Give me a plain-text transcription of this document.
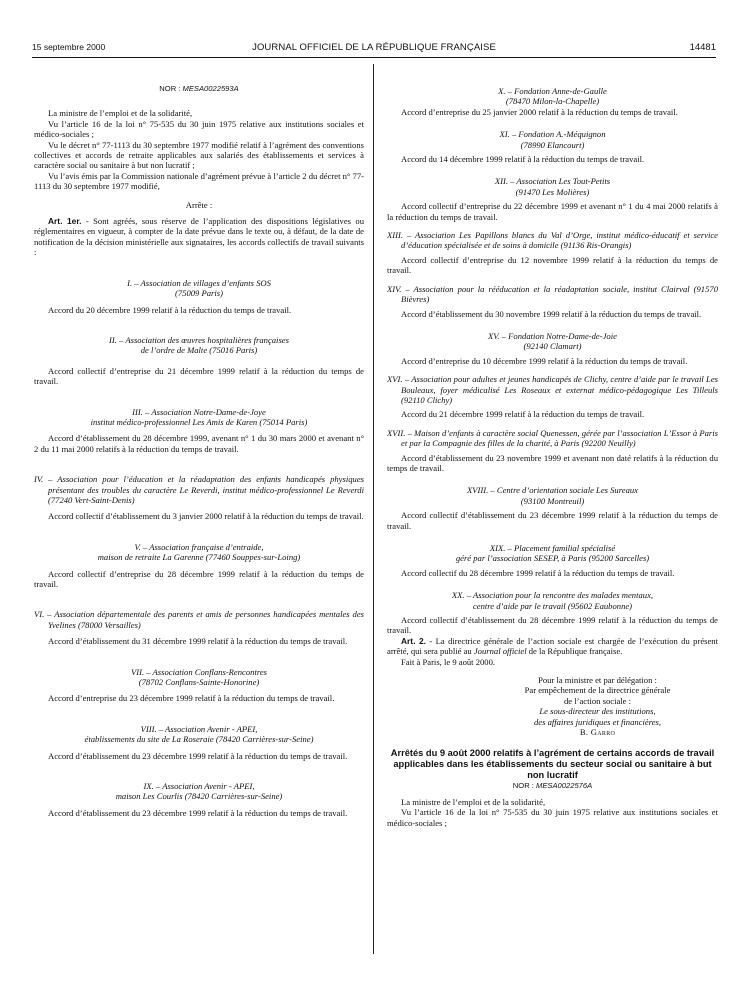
15 septembre 2000	JOURNAL OFFICIEL DE LA RÉPUBLIQUE FRANÇAISE	14481

NOR : MESA0022593A

La ministre de l’emploi et de la solidarité,

Vu l’article 16 de la loi n° 75-535 du 30 juin 1975 relative aux institutions sociales et médico-sociales ;

Vu le décret n° 77-1113 du 30 septembre 1977 modifié relatif à l’agrément des conventions collectives et accords de retraite applicables aux salariés des établissements et services à caractère social ou sanitaire à but non lucratif ;

Vu l’avis émis par la Commission nationale d’agrément prévue à l’article 2 du décret n° 77-1113 du 30 septembre 1977 modifié,

Arrête :

Art. 1er. - Sont agréés, sous réserve de l’application des dispositions législatives ou réglementaires en vigueur, à compter de la date prévue dans le texte ou, à défaut, de la date de notification de la décision ministérielle aux signataires, les accords collectifs de travail suivants :

I. – Association de villages d’enfants SOS

(75009 Paris)

Accord du 20 décembre 1999 relatif à la réduction du temps de travail.

II. – Association des œuvres hospitalières françaises

de l’ordre de Malte (75016 Paris)

Accord collectif d’entreprise du 21 décembre 1999 relatif à la réduction du temps de travail.

III. – Association Notre-Dame-de-Joye

institut médico-professionnel Les Amis de Karen (75014 Paris)

Accord d’établissement du 28 décembre 1999, avenant n° 1 du 30 mars 2000 et avenant n° 2 du 11 mai 2000 relatifs à la réduction du temps de travail.

IV. – Association pour l’éducation et la réadaptation des enfants handicapés physiques présentant des troubles du caractère Le Reverdi, institut médico-professionnel Le Reverdi (77240 Vert-Saint-Denis)

Accord collectif d’établissement du 3 janvier 2000 relatif à la réduction du temps de travail.

V. – Association française d’entraide,

maison de retraite La Garenne (77460 Souppes-sur-Loing)

Accord collectif d’entreprise du 28 décembre 1999 relatif à la réduction du temps de travail.

VI. – Association départementale des parents et amis de personnes handicapées mentales des Yvelines (78000 Versailles)

Accord d’établissement du 31 décembre 1999 relatif à la réduction du temps de travail.

VII. – Association Conflans-Rencontres

(78702 Conflans-Sainte-Honorine)

Accord d’entreprise du 23 décembre 1999 relatif à la réduction du temps de travail.

VIII. – Association Avenir - APEI,

établissements du site de La Roseraie (78420 Carrières-sur-Seine)

Accord d’établissement du 23 décembre 1999 relatif à la réduction du temps de travail.

IX. – Association Avenir - APEI,

maison Les Courlis (78420 Carrières-sur-Seine)

Accord d’établissement du 23 décembre 1999 relatif à la réduction du temps de travail.

X. – Fondation Anne-de-Gaulle

(78470 Milon-la-Chapelle)

Accord d’entreprise du 25 janvier 2000 relatif à la réduction du temps de travail.

XI. – Fondation A.-Méquignon

(78990 Elancourt)

Accord du 14 décembre 1999 relatif à la réduction du temps de travail.

XII. – Association Les Tout-Petits

(91470 Les Molières)

Accord collectif d’entreprise du 22 décembre 1999 et avenant n° 1 du 4 mai 2000 relatifs à la réduction du temps de travail.

XIII. – Association Les Papillons blancs du Val d’Orge, institut médico-éducatif et service d’éducation spécialisée et de soins à domicile (91136 Ris-Orangis)

Accord collectif d’entreprise du 12 novembre 1999 relatif à la réduction du temps de travail.

XIV. – Association pour la rééducation et la réadaptation sociale, institut Clairval (91570 Bièvres)

Accord d’établissement du 30 novembre 1999 relatif à la réduction du temps de travail.

XV. – Fondation Notre-Dame-de-Joie

(92140 Clamart)

Accord d’entreprise du 10 décembre 1999 relatif à la réduction du temps de travail.

XVI. – Association pour adultes et jeunes handicapés de Clichy, centre d’aide par le travail Les Bouleaux, foyer médicalisé Les Roseaux et externat médico-pédagogique Les Tilleuls (92110 Clichy)

Accord du 21 décembre 1999 relatif à la réduction du temps de travail.

XVII. – Maison d’enfants à caractère social Quenessen, gérée par l’association L’Essor à Paris et par la Compagnie des filles de la charité, à Paris (92200 Neuilly)

Accord d’établissement du 23 novembre 1999 et avenant non daté relatifs à la réduction du temps de travail.

XVIII. – Centre d’orientation sociale Les Sureaux

(93100 Montreuil)

Accord collectif d’établissement du 23 décembre 1999 relatif à la réduction du temps de travail.

XIX. – Placement familial spécialisé

géré par l’association SESEP, à Paris (95200 Sarcelles)

Accord collectif du 28 décembre 1999 relatif à la réduction du temps de travail.

XX. – Association pour la rencontre des malades mentaux,

centre d’aide par le travail (95602 Eaubonne)

Accord collectif d’établissement du 28 décembre 1999 relatif à la réduction du temps de travail.

Art. 2. - La directrice générale de l’action sociale est chargée de l’exécution du présent arrêté, qui sera publié au Journal officiel de la République française.

Fait à Paris, le 9 août 2000.

Pour la ministre et par délégation :

Par empêchement de la directrice générale

de l’action sociale :

Le sous-directeur des institutions,

des affaires juridiques et financières,

B. Garro

Arrêtés du 9 août 2000 relatifs à l’agrément de certains accords de travail applicables dans les établissements du secteur social ou sanitaire à but non lucratif

NOR : MESA0022576A

La ministre de l’emploi et de la solidarité,

Vu l’article 16 de la loi n° 75-535 du 30 juin 1975 relative aux institutions sociales et médico-sociales ;
